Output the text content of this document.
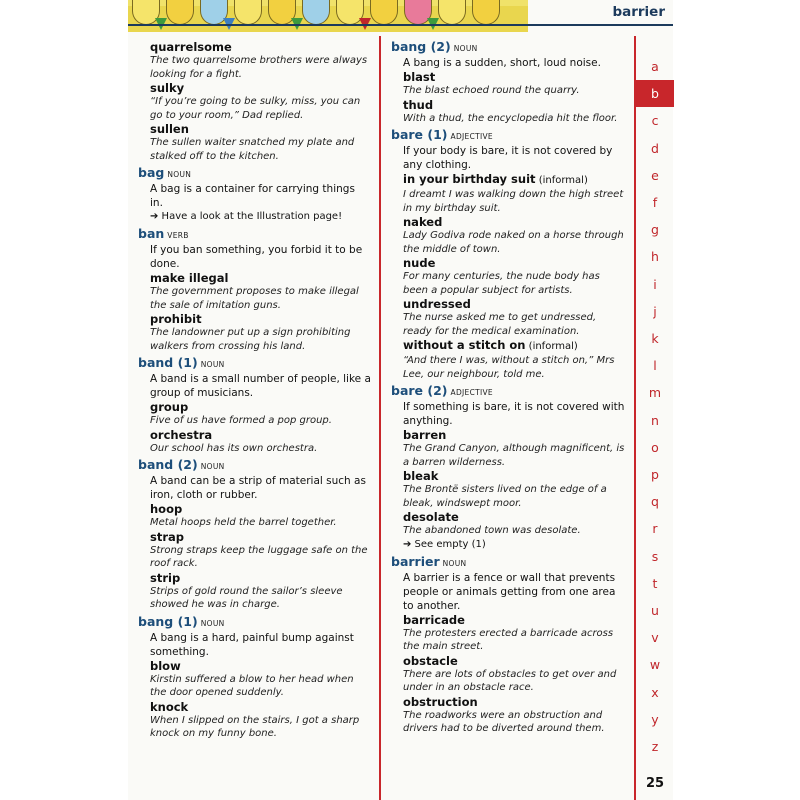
barrier
quarrelsome
The two quarrelsome brothers were always looking for a fight.
sulky
“If you’re going to be sulky, miss, you can go to your room,” Dad replied.
sullen
The sullen waiter snatched my plate and stalked off to the kitchen.
bag NOUN
A bag is a container for carrying things in.
➔ Have a look at the Illustration page!
ban VERB
If you ban something, you forbid it to be done.
make illegal
The government proposes to make illegal the sale of imitation guns.
prohibit
The landowner put up a sign prohibiting walkers from crossing his land.
band (1) NOUN
A band is a small number of people, like a group of musicians.
group
Five of us have formed a pop group.
orchestra
Our school has its own orchestra.
band (2) NOUN
A band can be a strip of material such as iron, cloth or rubber.
hoop
Metal hoops held the barrel together.
strap
Strong straps keep the luggage safe on the roof rack.
strip
Strips of gold round the sailor’s sleeve showed he was in charge.
bang (1) NOUN
A bang is a hard, painful bump against something.
blow
Kirstin suffered a blow to her head when the door opened suddenly.
knock
When I slipped on the stairs, I got a sharp knock on my funny bone.
bang (2) NOUN
A bang is a sudden, short, loud noise.
blast
The blast echoed round the quarry.
thud
With a thud, the encyclopedia hit the floor.
bare (1) ADJECTIVE
If your body is bare, it is not covered by any clothing.
in your birthday suit (informal)
I dreamt I was walking down the high street in my birthday suit.
naked
Lady Godiva rode naked on a horse through the middle of town.
nude
For many centuries, the nude body has been a popular subject for artists.
undressed
The nurse asked me to get undressed, ready for the medical examination.
without a stitch on (informal)
“And there I was, without a stitch on,” Mrs Lee, our neighbour, told me.
bare (2) ADJECTIVE
If something is bare, it is not covered with anything.
barren
The Grand Canyon, although magnificent, is a barren wilderness.
bleak
The Brontë sisters lived on the edge of a bleak, windswept moor.
desolate
The abandoned town was desolate.
➔ See empty (1)
barrier NOUN
A barrier is a fence or wall that prevents people or animals getting from one area to another.
barricade
The protesters erected a barricade across the main street.
obstacle
There are lots of obstacles to get over and under in an obstacle race.
obstruction
The roadworks were an obstruction and drivers had to be diverted around them.
25
a
b
c
d
e
f
g
h
i
j
k
l
m
n
o
p
q
r
s
t
u
v
w
x
y
z
